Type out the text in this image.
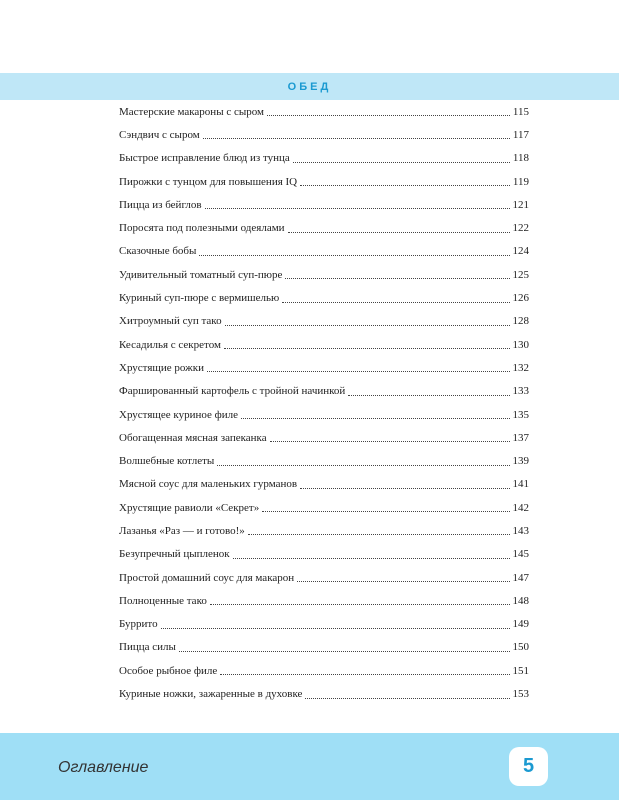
ОБЕД
Мастерские макароны с сыром	115
Сэндвич с сыром	117
Быстрое исправление блюд из тунца	118
Пирожки с тунцом для повышения IQ	119
Пицца из бейглов	121
Поросята под полезными одеялами	122
Сказочные бобы	124
Удивительный томатный суп-пюре	125
Куриный суп-пюре с вермишелью	126
Хитроумный суп тако	128
Кесадилья с секретом	130
Хрустящие рожки	132
Фаршированный картофель с тройной начинкой	133
Хрустящее куриное филе	135
Обогащенная мясная запеканка	137
Волшебные котлеты	139
Мясной соус для маленьких гурманов	141
Хрустящие равиоли «Секрет»	142
Лазанья «Раз — и готово!»	143
Безупречный цыпленок	145
Простой домашний соус для макарон	147
Полноценные тако	148
Буррито	149
Пицца силы	150
Особое рыбное филе	151
Куриные ножки, зажаренные в духовке	153
Оглавление	5
